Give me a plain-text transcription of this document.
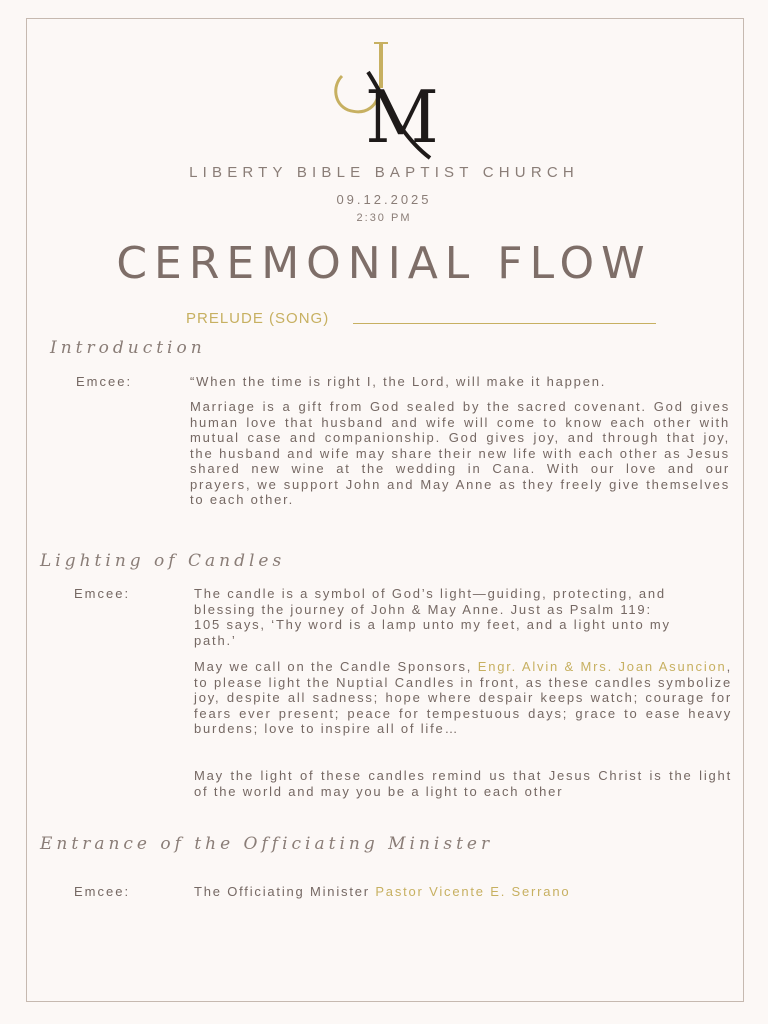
M
LIBERTY BIBLE BAPTIST CHURCH
09.12.2025
2:30 PM
CEREMONIAL FLOW
PRELUDE (SONG)
Introduction
Emcee:	“When the time is right I, the Lord, will make it happen.

Marriage is a gift from God sealed by the sacred covenant. God gives human love that husband and wife will come to know each other with mutual case and companionship. God gives joy, and through that joy, the husband and wife may share their new life with each other as Jesus shared new wine at the wedding in Cana. With our love and our prayers, we support John and May Anne as they freely give themselves to each other.

Lighting of Candles
Emcee:	The candle is a symbol of God’s light—guiding, protecting, and blessing the journey of John & May Anne. Just as Psalm 119: 105 says, ‘Thy word is a lamp unto my feet, and a light unto my path.’

May we call on the Candle Sponsors, Engr. Alvin & Mrs. Joan Asuncion, to please light the Nuptial Candles in front, as these candles symbolize joy, despite all sadness; hope where despair keeps watch; courage for fears ever present; peace for tempestuous days; grace to ease heavy burdens; love to inspire all of life…

May the light of these candles remind us that Jesus Christ is the light of the world and may you be a light to each other

Entrance of the Officiating Minister
Emcee:	The Officiating Minister Pastor Vicente E. Serrano
